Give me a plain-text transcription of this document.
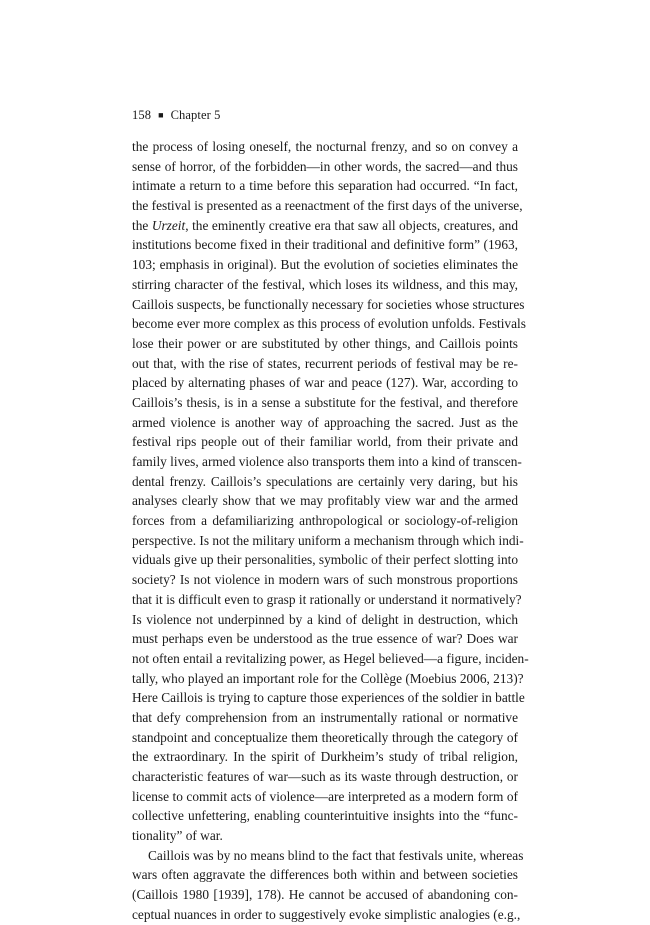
158 ■ Chapter 5
the process of losing oneself, the nocturnal frenzy, and so on convey a
sense of horror, of the forbidden—in other words, the sacred—and thus
intimate a return to a time before this separation had occurred. “In fact,
the festival is presented as a reenactment of the first days of the universe,
the Urzeit, the eminently creative era that saw all objects, creatures, and
institutions become fixed in their traditional and definitive form” (1963,
103; emphasis in original). But the evolution of societies eliminates the
stirring character of the festival, which loses its wildness, and this may,
Caillois suspects, be functionally necessary for societies whose structures
become ever more complex as this process of evolution unfolds. Festivals
lose their power or are substituted by other things, and Caillois points
out that, with the rise of states, recurrent periods of festival may be re-
placed by alternating phases of war and peace (127). War, according to
Caillois’s thesis, is in a sense a substitute for the festival, and therefore
armed violence is another way of approaching the sacred. Just as the
festival rips people out of their familiar world, from their private and
family lives, armed violence also transports them into a kind of transcen-
dental frenzy. Caillois’s speculations are certainly very daring, but his
analyses clearly show that we may profitably view war and the armed
forces from a defamiliarizing anthropological or sociology-of-religion
perspective. Is not the military uniform a mechanism through which indi-
viduals give up their personalities, symbolic of their perfect slotting into
society? Is not violence in modern wars of such monstrous proportions
that it is difficult even to grasp it rationally or understand it normatively?
Is violence not underpinned by a kind of delight in destruction, which
must perhaps even be understood as the true essence of war? Does war
not often entail a revitalizing power, as Hegel believed—a figure, inciden-
tally, who played an important role for the Collège (Moebius 2006, 213)?
Here Caillois is trying to capture those experiences of the soldier in battle
that defy comprehension from an instrumentally rational or normative
standpoint and conceptualize them theoretically through the category of
the extraordinary. In the spirit of Durkheim’s study of tribal religion,
characteristic features of war—such as its waste through destruction, or
license to commit acts of violence—are interpreted as a modern form of
collective unfettering, enabling counterintuitive insights into the “func-
tionality” of war.
Caillois was by no means blind to the fact that festivals unite, whereas
wars often aggravate the differences both within and between societies
(Caillois 1980 [1939], 178). He cannot be accused of abandoning con-
ceptual nuances in order to suggestively evoke simplistic analogies (e.g.,
